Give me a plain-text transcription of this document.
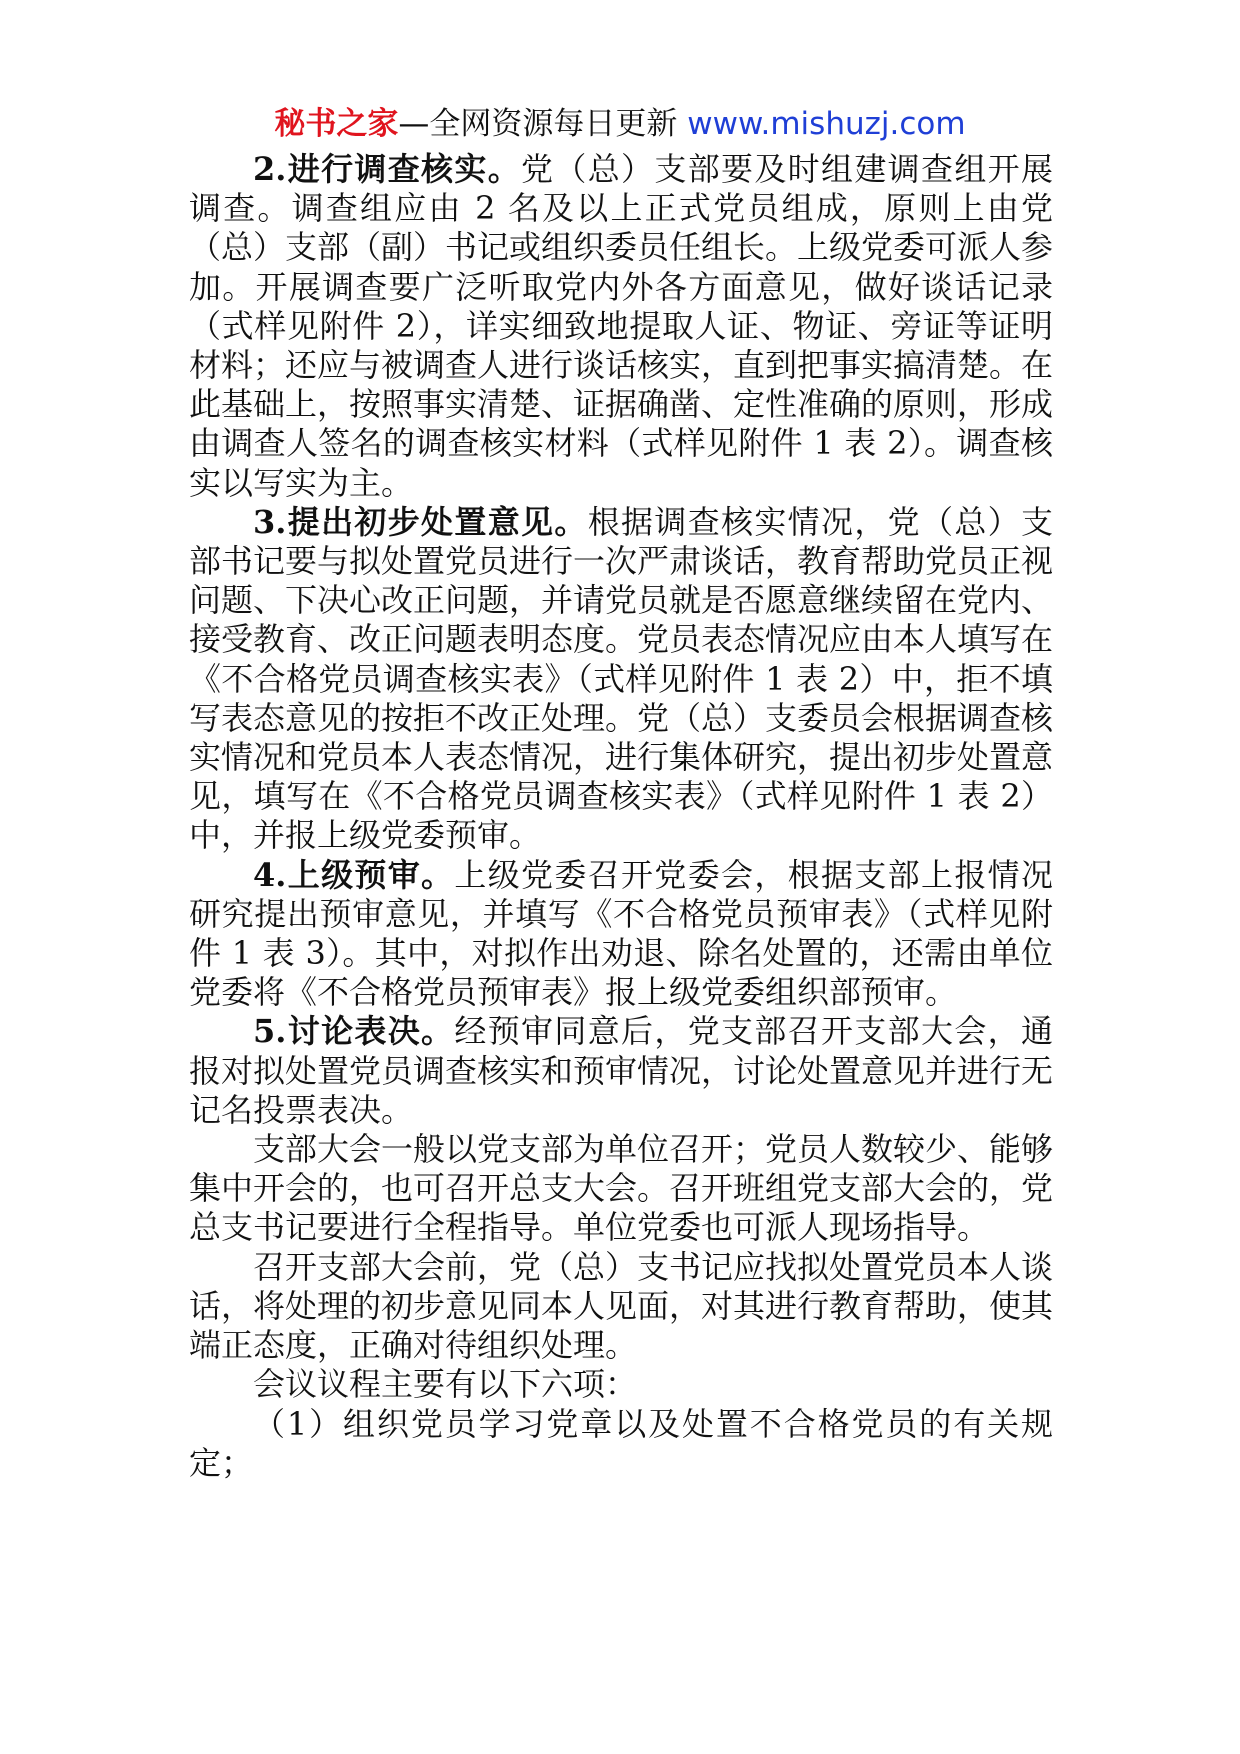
秘书之家—全网资源每日更新 www.mishuzj.com

2.进行调查核实。党（总）支部要及时组建调查组开展调查。调查组应由 2 名及以上正式党员组成，原则上由党（总）支部（副）书记或组织委员任组长。上级党委可派人参加。开展调查要广泛听取党内外各方面意见，做好谈话记录（式样见附件 2），详实细致地提取人证、物证、旁证等证明材料；还应与被调查人进行谈话核实，直到把事实搞清楚。在此基础上，按照事实清楚、证据确凿、定性准确的原则，形成由调查人签名的调查核实材料（式样见附件 1 表 2）。调查核实以写实为主。

3.提出初步处置意见。根据调查核实情况，党（总）支部书记要与拟处置党员进行一次严肃谈话，教育帮助党员正视问题、下决心改正问题，并请党员就是否愿意继续留在党内、接受教育、改正问题表明态度。党员表态情况应由本人填写在《不合格党员调查核实表》（式样见附件 1 表 2）中，拒不填写表态意见的按拒不改正处理。党（总）支委员会根据调查核实情况和党员本人表态情况，进行集体研究，提出初步处置意见，填写在《不合格党员调查核实表》（式样见附件 1 表 2）中，并报上级党委预审。

4.上级预审。上级党委召开党委会，根据支部上报情况研究提出预审意见，并填写《不合格党员预审表》（式样见附件 1 表 3）。其中，对拟作出劝退、除名处置的，还需由单位党委将《不合格党员预审表》报上级党委组织部预审。

5.讨论表决。经预审同意后，党支部召开支部大会，通报对拟处置党员调查核实和预审情况，讨论处置意见并进行无记名投票表决。

支部大会一般以党支部为单位召开；党员人数较少、能够集中开会的，也可召开总支大会。召开班组党支部大会的，党总支书记要进行全程指导。单位党委也可派人现场指导。

召开支部大会前，党（总）支书记应找拟处置党员本人谈话，将处理的初步意见同本人见面，对其进行教育帮助，使其端正态度，正确对待组织处理。

会议议程主要有以下六项：

（1）组织党员学习党章以及处置不合格党员的有关规定；
